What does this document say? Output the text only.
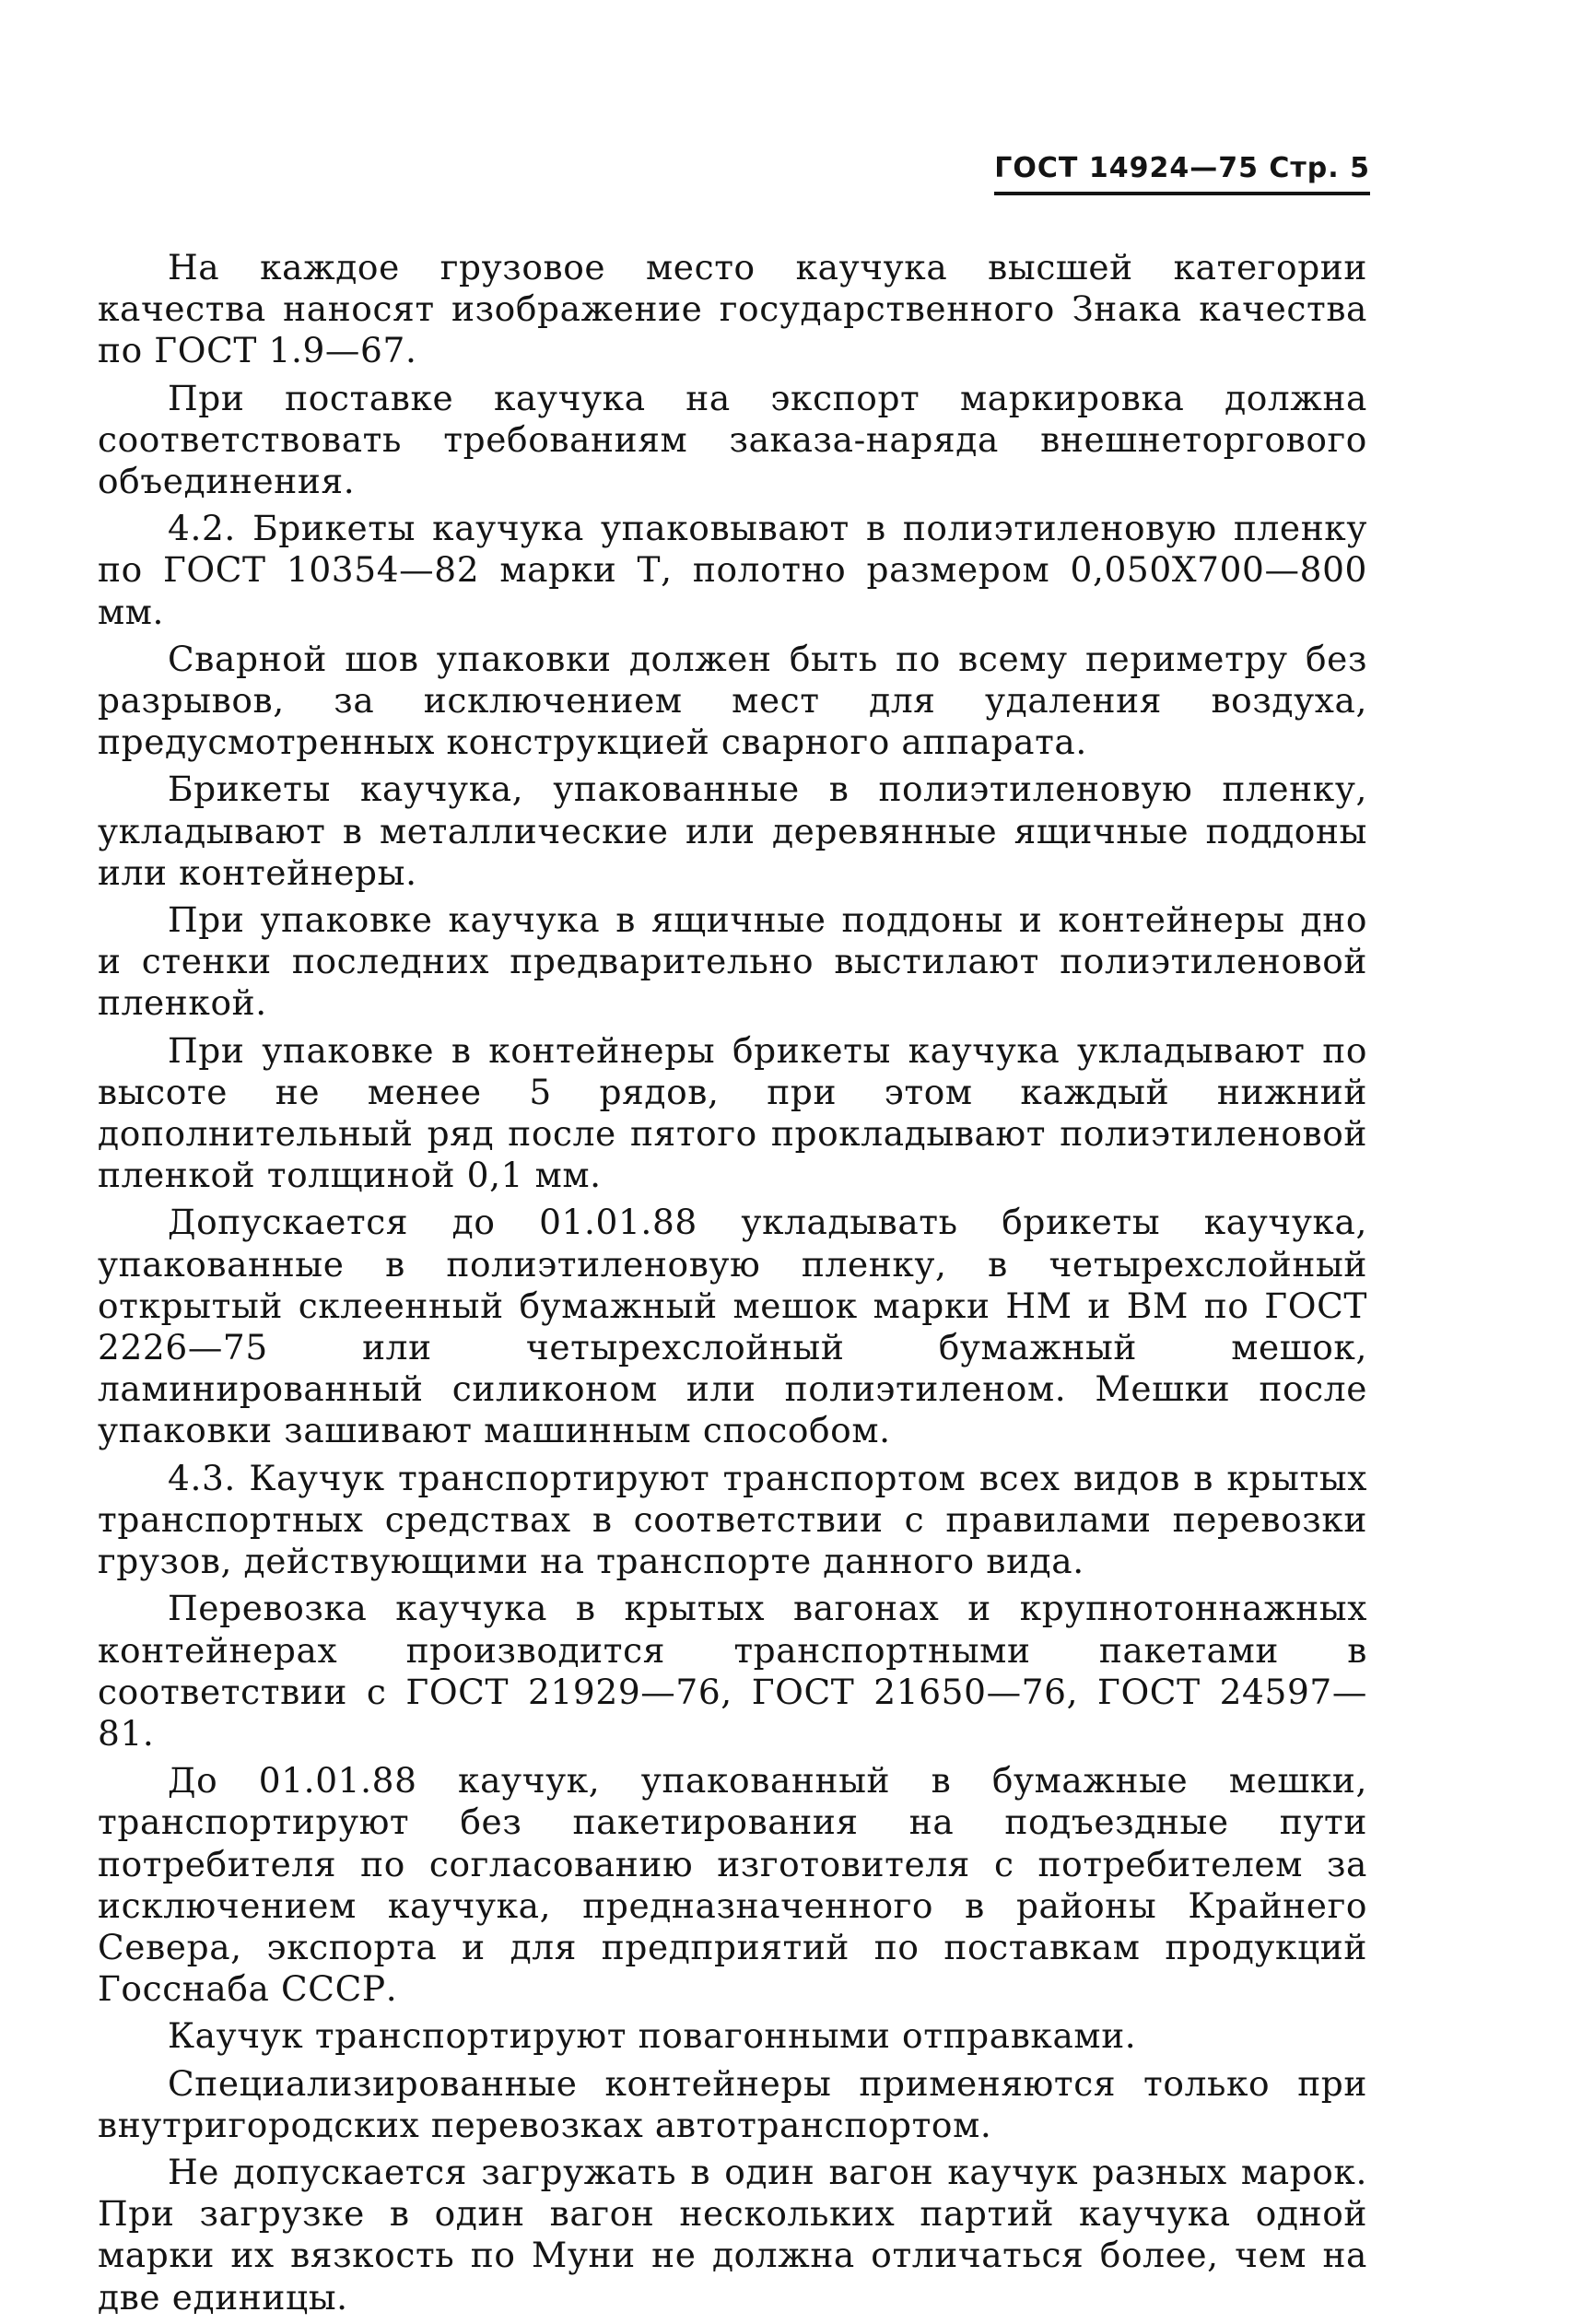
ГОСТ 14924—75 Стр. 5

На каждое грузовое место каучука высшей категории качества наносят изображение государственного Знака качества по ГОСТ 1.9—67.

При поставке каучука на экспорт маркировка должна соответствовать требованиям заказа-наряда внешнеторгового объединения.

4.2. Брикеты каучука упаковывают в полиэтиленовую пленку по ГОСТ 10354—82 марки Т, полотно размером 0,050Х700—800 мм.

Сварной шов упаковки должен быть по всему периметру без разрывов, за исключением мест для удаления воздуха, предусмотренных конструкцией сварного аппарата.

Брикеты каучука, упакованные в полиэтиленовую пленку, укладывают в металлические или деревянные ящичные поддоны или контейнеры.

При упаковке каучука в ящичные поддоны и контейнеры дно и стенки последних предварительно выстилают полиэтиленовой пленкой.

При упаковке в контейнеры брикеты каучука укладывают по высоте не менее 5 рядов, при этом каждый нижний дополнительный ряд после пятого прокладывают полиэтиленовой пленкой толщиной 0,1 мм.

Допускается до 01.01.88 укладывать брикеты каучука, упакованные в полиэтиленовую пленку, в четырехслойный открытый склеенный бумажный мешок марки НМ и ВМ по ГОСТ 2226—75 или четырехслойный бумажный мешок, ламинированный силиконом или полиэтиленом. Мешки после упаковки зашивают машинным способом.

4.3. Каучук транспортируют транспортом всех видов в крытых транспортных средствах в соответствии с правилами перевозки грузов, действующими на транспорте данного вида.

Перевозка каучука в крытых вагонах и крупнотоннажных контейнерах производится транспортными пакетами в соответствии с ГОСТ 21929—76, ГОСТ 21650—76, ГОСТ 24597—81.

До 01.01.88 каучук, упакованный в бумажные мешки, транспортируют без пакетирования на подъездные пути потребителя по согласованию изготовителя с потребителем за исключением каучука, предназначенного в районы Крайнего Севера, экспорта и для предприятий по поставкам продукций Госснаба СССР.

Каучук транспортируют повагонными отправками.

Специализированные контейнеры применяются только при внутригородских перевозках автотранспортом.

Не допускается загружать в один вагон каучук разных марок. При загрузке в один вагон нескольких партий каучука одной марки их вязкость по Муни не должна отличаться более, чем на две единицы.
